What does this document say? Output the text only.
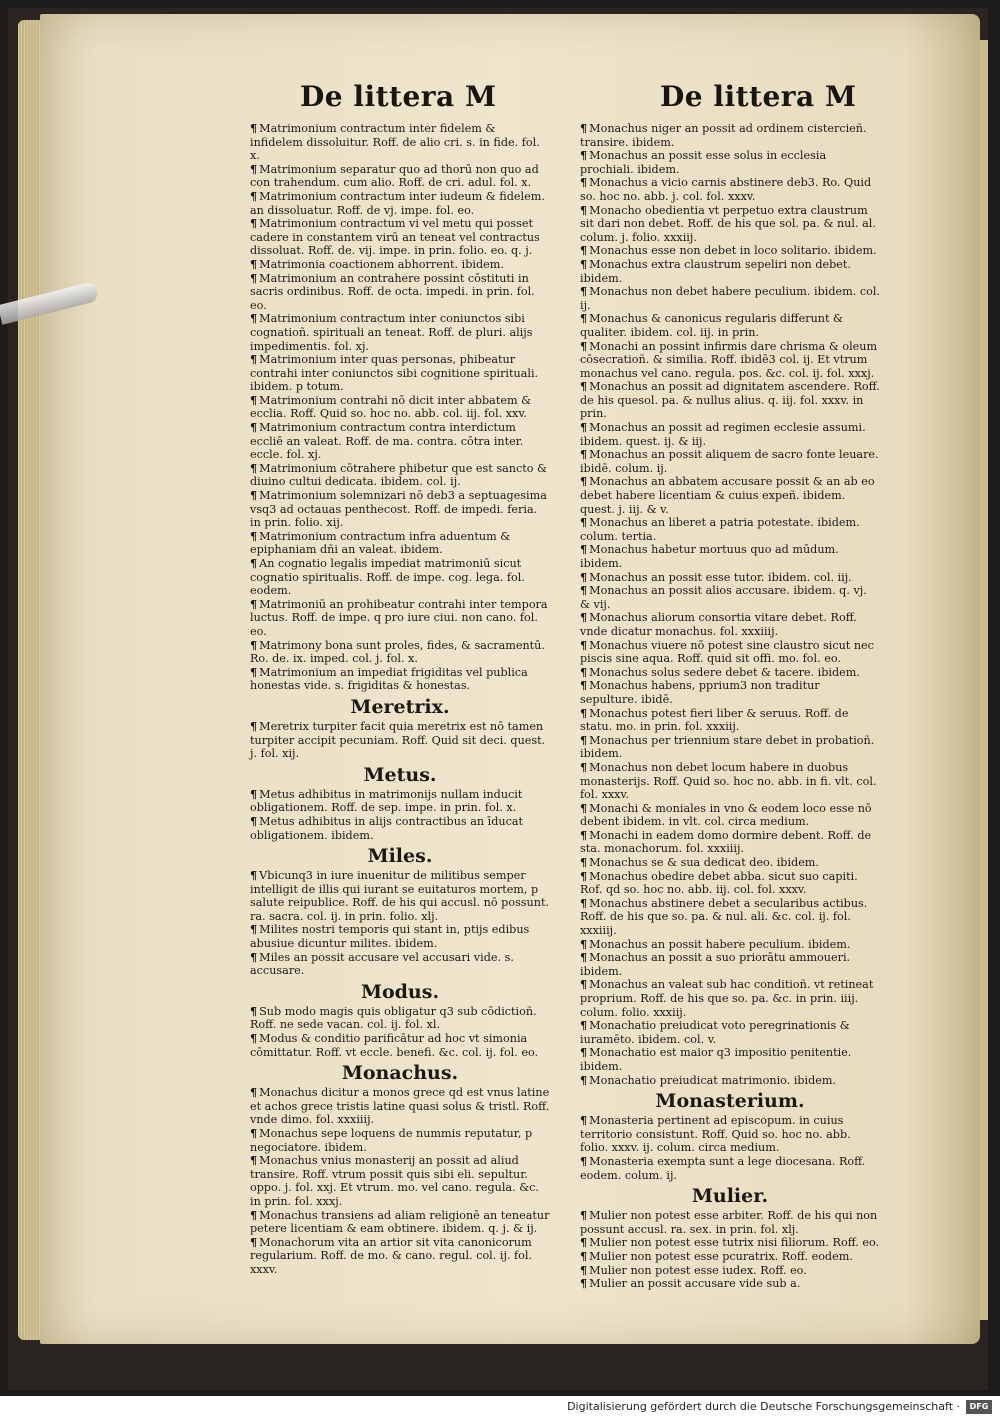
De littera M	De littera M

¶ Matrimonium contractum inter fidelem & infidelem dissoluitur. Roff. de alio cri. s. in fide. fol. x.

¶ Matrimonium separatur quo ad thorū non quo ad con trahendum. cum alio. Roff. de cri. adul. fol. x.

¶ Matrimonium contractum inter iudeum & fidelem. an dissoluatur. Roff. de vj. impe. fol. eo.

¶ Matrimonium contractum vi vel metu qui posset cadere in constantem virū an teneat vel contractus dissoluat. Roff. de. vij. impe. in prin. folio. eo. q. j.

¶ Matrimonia coactionem abhorrent. ibidem.

¶ Matrimonium an contrahere possint cōstituti in sacris ordinibus. Roff. de octa. impedi. in prin. fol. eo.

¶ Matrimonium contractum inter coniunctos sibi cognatioñ. spirituali an teneat. Roff. de pluri. alijs impedimentis. fol. xj.

¶ Matrimonium inter quas personas, phibeatur contrahi inter coniunctos sibi cognitione spirituali. ibidem. p totum.

¶ Matrimonium contrahi nō dicit inter abbatem & ecclia. Roff. Quid so. hoc no. abb. col. iij. fol. xxv.

¶ Matrimonium contractum contra interdictum eccliē an valeat. Roff. de ma. contra. cōtra inter. eccle. fol. xj.

¶ Matrimonium cōtrahere phibetur que est sancto & diuino cultui dedicata. ibidem. col. ij.

¶ Matrimonium solemnizari nō deb3 a septuagesima vsq3 ad octauas penthecost. Roff. de impedi. feria. in prin. folio. xij.

¶ Matrimonium contractum infra aduentum & epiphaniam dñi an valeat. ibidem.

¶ An cognatio legalis impediat matrimoniū sicut cognatio spiritualis. Roff. de impe. cog. lega. fol. eodem.

¶ Matrimoniū an prohibeatur contrahi inter tempora luctus. Roff. de impe. q pro iure ciui. non cano. fol. eo.

¶ Matrimony bona sunt proles, fides, & sacramentū. Ro. de. ix. imped. col. j. fol. x.

¶ Matrimonium an impediat frigiditas vel publica honestas vide. s. frigiditas & honestas.

Meretrix.

¶ Meretrix turpiter facit quia meretrix est nō tamen turpiter accipit pecuniam. Roff. Quid sit deci. quest. j. fol. xij.

Metus.

¶ Metus adhibitus in matrimonijs nullam inducit obligationem. Roff. de sep. impe. in prin. fol. x.

¶ Metus adhibitus in alijs contractibus an īducat obligationem. ibidem.

Miles.

¶ Vbicunq3 in iure inuenitur de militibus semper intelligit de illis qui iurant se euitaturos mortem, p salute reipublice. Roff. de his qui accusl. nō possunt. ra. sacra. col. ij. in prin. folio. xlj.

¶ Milites nostri temporis qui stant in, ptijs edibus abusiue dicuntur milites. ibidem.

¶ Miles an possit accusare vel accusari vide. s. accusare.

Modus.

¶ Sub modo magis quis obligatur q3 sub cōdictioñ. Roff. ne sede vacan. col. ij. fol. xl.

¶ Modus & conditio parificātur ad hoc vt simonia cōmittatur. Roff. vt eccle. benefi. &c. col. ij. fol. eo.

Monachus.

¶ Monachus dicitur a monos grece qd est vnus latine et achos grece tristis latine quasi solus & tristl. Roff. vnde dimo. fol. xxxiiij.

¶ Monachus sepe loquens de nummis reputatur, p negociatore. ibidem.

¶ Monachus vnius monasterij an possit ad aliud transire. Roff. vtrum possit quis sibi eli. sepultur. oppo. j. fol. xxj. Et vtrum. mo. vel cano. regula. &c. in prin. fol. xxxj.

¶ Monachus transiens ad aliam religionē an teneatur petere licentiam & eam obtinere. ibidem. q. j. & ij.

¶ Monachorum vita an artior sit vita canonicorum regularium. Roff. de mo. & cano. regul. col. ij. fol. xxxv.

¶ Monachus niger an possit ad ordinem cistercieñ. transire. ibidem.

¶ Monachus an possit esse solus in ecclesia prochiali. ibidem.

¶ Monachus a vicio carnis abstinere deb3. Ro. Quid so. hoc no. abb. j. col. fol. xxxv.

¶ Monacho obedientia vt perpetuo extra claustrum sit dari non debet. Roff. de his que sol. pa. & nul. al. colum. j. folio. xxxiij.

¶ Monachus esse non debet in loco solitario. ibidem.

¶ Monachus extra claustrum sepeliri non debet. ibidem.

¶ Monachus non debet habere peculium. ibidem. col. ij.

¶ Monachus & canonicus regularis differunt & qualiter. ibidem. col. iij. in prin.

¶ Monachi an possint infirmis dare chrisma & oleum cōsecratioñ. & similia. Roff. ibidē3 col. ij. Et vtrum monachus vel cano. regula. pos. &c. col. ij. fol. xxxj.

¶ Monachus an possit ad dignitatem ascendere. Roff. de his quesol. pa. & nullus alius. q. iij. fol. xxxv. in prin.

¶ Monachus an possit ad regimen ecclesie assumi. ibidem. quest. ij. & iij.

¶ Monachus an possit aliquem de sacro fonte leuare. ibidē. colum. ij.

¶ Monachus an abbatem accusare possit & an ab eo debet habere licentiam & cuius expeñ. ibidem. quest. j. iij. & v.

¶ Monachus an liberet a patria potestate. ibidem. colum. tertia.

¶ Monachus habetur mortuus quo ad mūdum. ibidem.

¶ Monachus an possit esse tutor. ibidem. col. iij.

¶ Monachus an possit alios accusare. ibidem. q. vj. & vij.

¶ Monachus aliorum consortia vitare debet. Roff. vnde dicatur monachus. fol. xxxiiij.

¶ Monachus viuere nō potest sine claustro sicut nec piscis sine aqua. Roff. quid sit offi. mo. fol. eo.

¶ Monachus solus sedere debet & tacere. ibidem.

¶ Monachus habens, pprium3 non traditur sepulture. ibidē.

¶ Monachus potest fieri liber & seruus. Roff. de statu. mo. in prin. fol. xxxiij.

¶ Monachus per triennium stare debet in probatioñ. ibidem.

¶ Monachus non debet locum habere in duobus monasterijs. Roff. Quid so. hoc no. abb. in fi. vlt. col. fol. xxxv.

¶ Monachi & moniales in vno & eodem loco esse nō debent ibidem. in vlt. col. circa medium.

¶ Monachi in eadem domo dormire debent. Roff. de sta. monachorum. fol. xxxiiij.

¶ Monachus se & sua dedicat deo. ibidem.

¶ Monachus obedire debet abba. sicut suo capiti. Rof. qd so. hoc no. abb. iij. col. fol. xxxv.

¶ Monachus abstinere debet a secularibus actibus. Roff. de his que so. pa. & nul. ali. &c. col. ij. fol. xxxiiij.

¶ Monachus an possit habere peculium. ibidem.

¶ Monachus an possit a suo priorātu ammoueri. ibidem.

¶ Monachus an valeat sub hac conditioñ. vt retineat proprium. Roff. de his que so. pa. &c. in prin. iiij. colum. folio. xxxiij.

¶ Monachatio preiudicat voto peregrinationis & iuramēto. ibidem. col. v.

¶ Monachatio est maior q3 impositio penitentie. ibidem.

¶ Monachatio preiudicat matrimonio. ibidem.

Monasterium.

¶ Monasteria pertinent ad episcopum. in cuius territorio consistunt. Roff. Quid so. hoc no. abb. folio. xxxv. ij. colum. circa medium.

¶ Monasteria exempta sunt a lege diocesana. Roff. eodem. colum. ij.

Mulier.

¶ Mulier non potest esse arbiter. Roff. de his qui non possunt accusl. ra. sex. in prin. fol. xlj.

¶ Mulier non potest esse tutrix nisi filiorum. Roff. eo.

¶ Mulier non potest esse pcuratrix. Roff. eodem.

¶ Mulier non potest esse iudex. Roff. eo.

¶ Mulier an possit accusare vide sub a.

Digitalisierung gefördert durch die Deutsche Forschungsgemeinschaft ·	DFG
